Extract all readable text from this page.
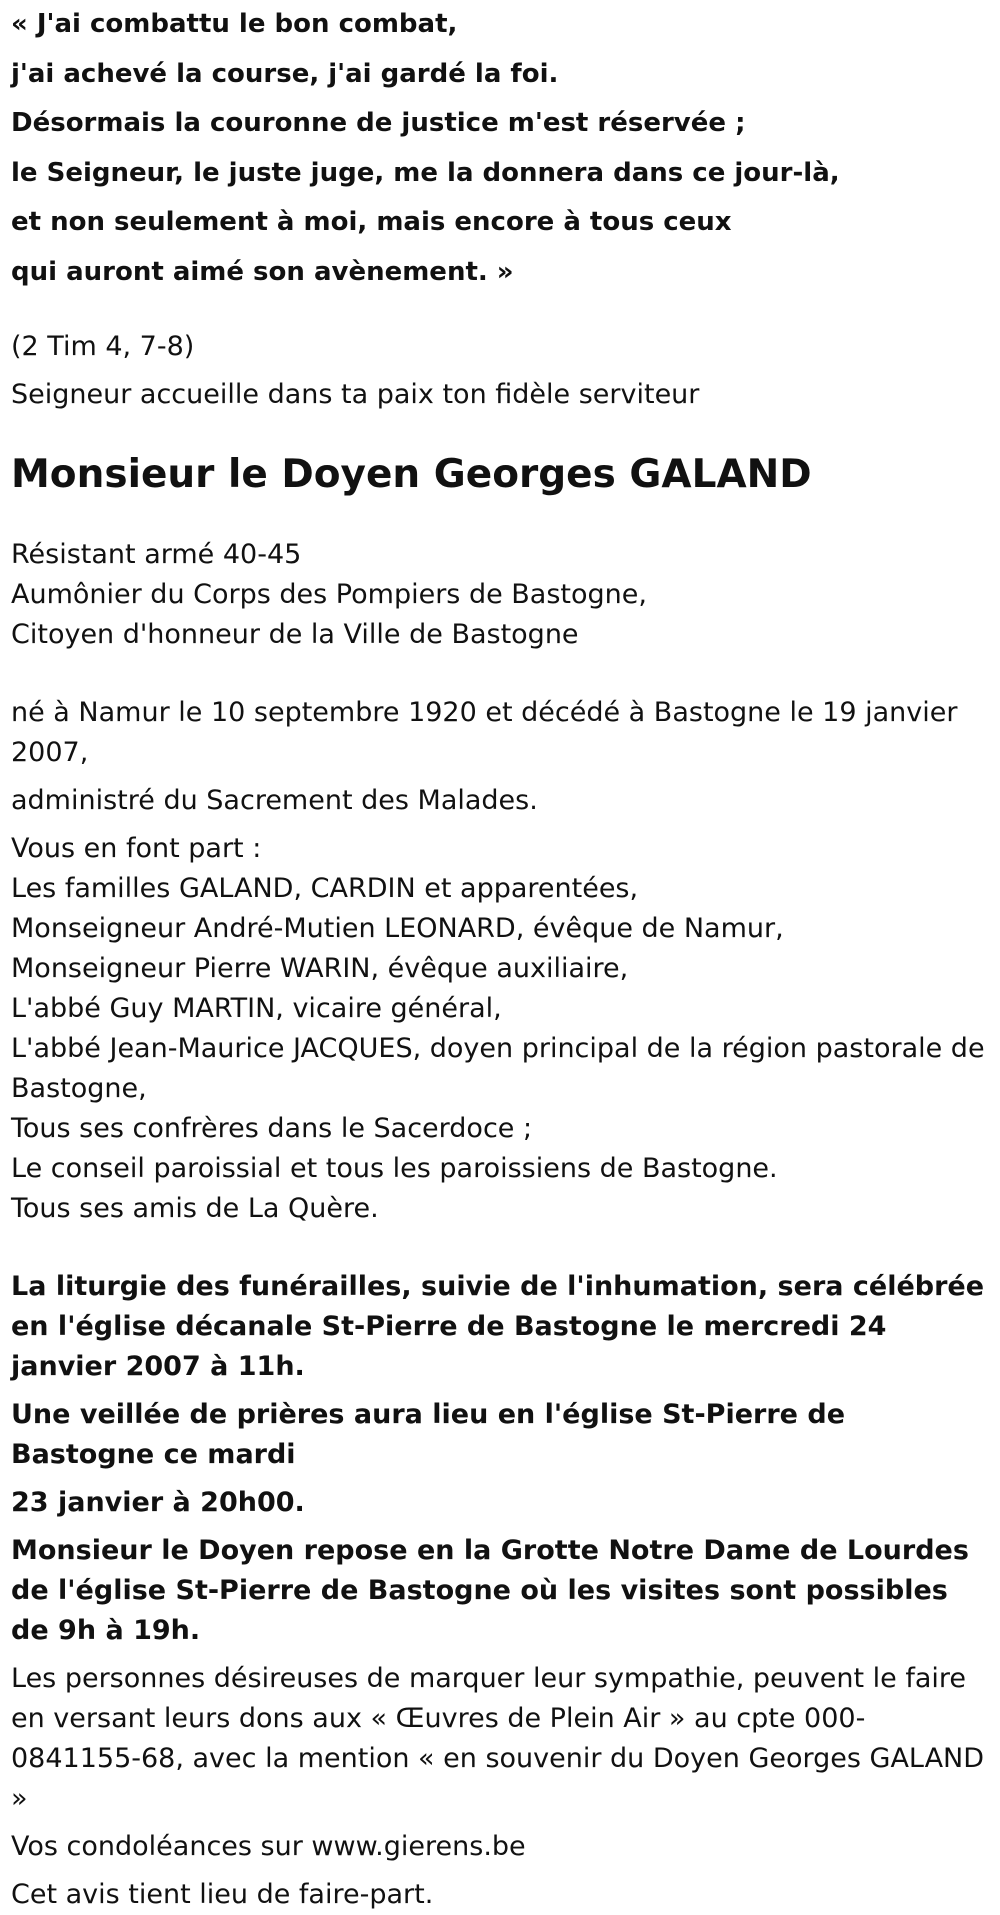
« J'ai combattu le bon combat,
j'ai achevé la course, j'ai gardé la foi.
Désormais la couronne de justice m'est réservée ;
le Seigneur, le juste juge, me la donnera dans ce jour-là,
et non seulement à moi, mais encore à tous ceux
qui auront aimé son avènement. »
(2 Tim 4, 7-8)
Seigneur accueille dans ta paix ton fidèle serviteur
Monsieur le Doyen Georges GALAND
Résistant armé 40-45
Aumônier du Corps des Pompiers de Bastogne,
Citoyen d'honneur de la Ville de Bastogne
né à Namur le 10 septembre 1920 et décédé à Bastogne le 19 janvier 2007,
administré du Sacrement des Malades.
Vous en font part :
Les familles GALAND, CARDIN et apparentées,
Monseigneur André-Mutien LEONARD, évêque de Namur,
Monseigneur Pierre WARIN, évêque auxiliaire,
L'abbé Guy MARTIN, vicaire général,
L'abbé Jean-Maurice JACQUES, doyen principal de la région pastorale de Bastogne,
Tous ses confrères dans le Sacerdoce ;
Le conseil paroissial et tous les paroissiens de Bastogne.
Tous ses amis de La Quère.
La liturgie des funérailles, suivie de l'inhumation, sera célébrée en l'église décanale St-Pierre de Bastogne le mercredi 24 janvier 2007 à 11h.
Une veillée de prières aura lieu en l'église St-Pierre de Bastogne ce mardi
23 janvier à 20h00.
Monsieur le Doyen repose en la Grotte Notre Dame de Lourdes de l'église St-Pierre de Bastogne où les visites sont possibles de 9h à 19h.
Les personnes désireuses de marquer leur sympathie, peuvent le faire en versant leurs dons aux « Œuvres de Plein Air » au cpte 000-0841155-68, avec la mention « en souvenir du Doyen Georges GALAND »
Vos condoléances sur www.gierens.be
Cet avis tient lieu de faire-part.
